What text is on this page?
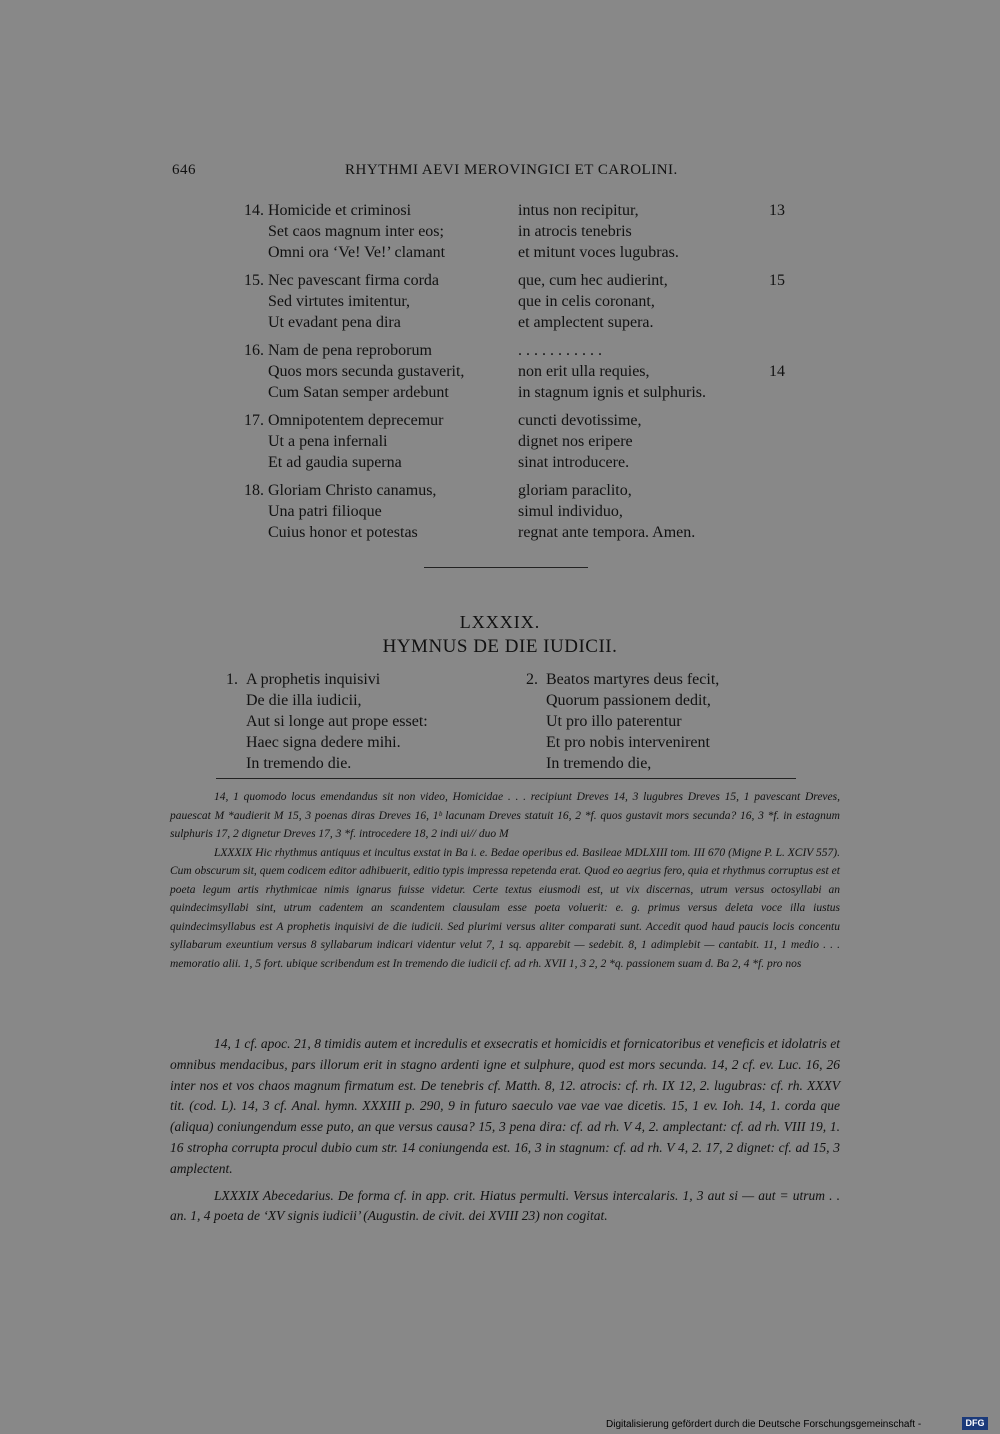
646	RHYTHMI AEVI MEROVINGICI ET CAROLINI.
14. Homicide et criminosi	intus non recipitur,	13
Set caos magnum inter eos;	in atrocis tenebris
Omni ora ‘Ve! Ve!’ clamant	et mitunt voces lugubras.
15. Nec pavescant firma corda	que, cum hec audierint,	15
Sed virtutes imitentur,	que in celis coronant,
Ut evadant pena dira	et amplectent supera.
16. Nam de pena reproborum	. . . . . . . . . . .
Quos mors secunda gustaverit,	non erit ulla requies,	14
Cum Satan semper ardebunt	in stagnum ignis et sulphuris.
17. Omnipotentem deprecemur	cuncti devotissime,
Ut a pena infernali	dignet nos eripere
Et ad gaudia superna	sinat introducere.
18. Gloriam Christo canamus,	gloriam paraclito,
Una patri filioque	simul individuo,
Cuius honor et potestas	regnat ante tempora. Amen.
LXXXIX.
HYMNUS DE DIE IUDICII.
1. A prophetis inquisivi
De die illa iudicii,
Aut si longe aut prope esset:
Haec signa dedere mihi.
In tremendo die.
2. Beatos martyres deus fecit,
Quorum passionem dedit,
Ut pro illo paterentur
Et pro nobis intervenirent
In tremendo die,

14, 1 quomodo locus emendandus sit non video, Homicidae . . . recipiunt Dreves 14, 3 lugubres Dreves 15, 1 pavescant Dreves, pauescat M *audierit M 15, 3 poenas diras Dreves 16, 1ᵇ lacunam Dreves statuit 16, 2 *f. quos gustavit mors secunda? 16, 3 *f. in estagnum sulphuris 17, 2 dignetur Dreves 17, 3 *f. introcedere 18, 2 indi ui// duo M

LXXXIX Hic rhythmus antiquus et incultus exstat in Ba i. e. Bedae operibus ed. Basileae MDLXIII tom. III 670 (Migne P. L. XCIV 557). Cum obscurum sit, quem codicem editor adhibuerit, editio typis impressa repetenda erat. Quod eo aegrius fero, quia et rhythmus corruptus est et poeta legum artis rhythmicae nimis ignarus fuisse videtur. Certe textus eiusmodi est, ut vix discernas, utrum versus octosyllabi an quindecimsyllabi sint, utrum cadentem an scandentem clausulam esse poeta voluerit: e. g. primus versus deleta voce illa iustus quindecimsyllabus est A prophetis inquisivi de die iudicii. Sed plurimi versus aliter comparati sunt. Accedit quod haud paucis locis concentu syllabarum exeuntium versus 8 syllabarum indicari videntur velut 7, 1 sq. apparebit — sedebit. 8, 1 adimplebit — cantabit. 11, 1 medio . . . memoratio alii. 1, 5 fort. ubique scribendum est In tremendo die iudicii cf. ad rh. XVII 1, 3 2, 2 *q. passionem suam d. Ba 2, 4 *f. pro nos

14, 1 cf. apoc. 21, 8 timidis autem et incredulis et exsecratis et homicidis et fornicatoribus et veneficis et idolatris et omnibus mendacibus, pars illorum erit in stagno ardenti igne et sulphure, quod est mors secunda. 14, 2 cf. ev. Luc. 16, 26 inter nos et vos chaos magnum firmatum est. De tenebris cf. Matth. 8, 12. atrocis: cf. rh. IX 12, 2. lugubras: cf. rh. XXXV tit. (cod. L). 14, 3 cf. Anal. hymn. XXXIII p. 290, 9 in futuro saeculo vae vae vae dicetis. 15, 1 ev. Ioh. 14, 1. corda que (aliqua) coniungendum esse puto, an que versus causa? 15, 3 pena dira: cf. ad rh. V 4, 2. amplectant: cf. ad rh. VIII 19, 1. 16 stropha corrupta procul dubio cum str. 14 coniungenda est. 16, 3 in stagnum: cf. ad rh. V 4, 2. 17, 2 dignet: cf. ad 15, 3 amplectent.

LXXXIX Abecedarius. De forma cf. in app. crit. Hiatus permulti. Versus intercalaris. 1, 3 aut si — aut = utrum . . an. 1, 4 poeta de ‘XV signis iudicii’ (Augustin. de civit. dei XVIII 23) non cogitat.

Digitalisierung gefördert durch die Deutsche Forschungsgemeinschaft -	DFG
